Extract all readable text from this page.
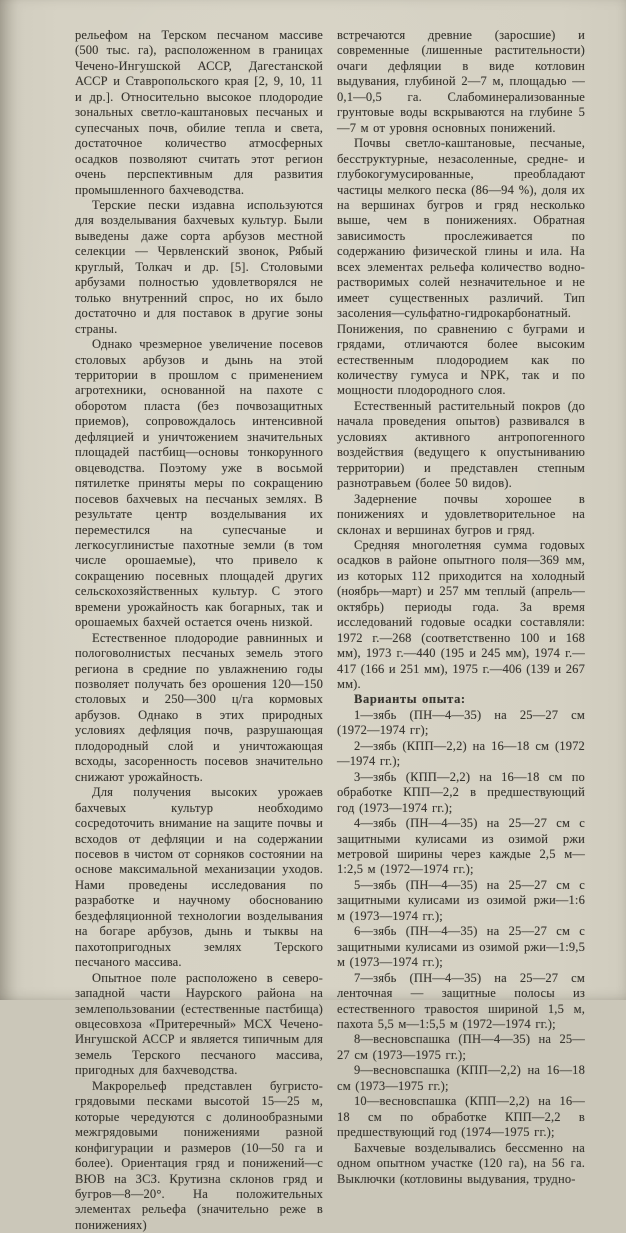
рельефом на Терском песчаном массиве (500 тыс. га), расположенном в границах Чечено-Ингушской АССР, Дагестанской АССР и Ставропольского края [2, 9, 10, 11 и др.]. Относительно высокое плодородие зональных светло-каштановых песчаных и супесчаных почв, обилие тепла и света, достаточное количество атмосферных осадков позволяют считать этот регион очень перспективным для развития промышленного бахчеводства.

Терские пески издавна используются для возделывания бахчевых культур. Были выведены даже сорта арбузов местной селекции — Червленский звонок, Рябый круглый, Толкач и др. [5]. Столовыми арбузами полностью удовлетворялся не только внутренний спрос, но их было достаточно и для поставок в другие зоны страны.

Однако чрезмерное увеличение посевов столовых арбузов и дынь на этой территории в прошлом с применением агротехники, основанной на пахоте с оборотом пласта (без почвозащитных приемов), сопровождалось интенсивной дефляцией и уничтожением значительных площадей пастбищ—основы тонкорунного овцеводства. Поэтому уже в восьмой пятилетке приняты меры по сокращению посевов бахчевых на песчаных землях. В результате центр возделывания их переместился на супесчаные и легкосуглинистые пахотные земли (в том числе орошаемые), что привело к сокращению посевных площадей других сельскохозяйственных культур. С этого времени урожайность как богарных, так и орошаемых бахчей остается очень низкой.

Естественное плодородие равнинных и пологоволнистых песчаных земель этого региона в средние по увлажнению годы позволяет получать без орошения 120—150 столовых и 250—300 ц/га кормовых арбузов. Однако в этих природных условиях дефляция почв, разрушающая плодородный слой и уничтожающая всходы, засоренность посевов значительно снижают урожайность.

Для получения высоких урожаев бахчевых культур необходимо сосредоточить внимание на защите почвы и всходов от дефляции и на содержании посевов в чистом от сорняков состоянии на основе максимальной механизации уходов. Нами проведены исследования по разработке и научному обоснованию бездефляционной технологии возделывания на богаре арбузов, дынь и тыквы на пахотопригодных землях Терского песчаного массива.

Опытное поле расположено в северо-западной части Наурского района на землепользовании (естественные пастбища) овцесовхоза «Притеречный» МСХ Чечено-Ингушской АССР и является типичным для земель Терского песчаного массива, пригодных для бахчеводства.

Макрорельеф представлен бугристо-грядовыми песками высотой 15—25 м, которые чередуются с долинообразными межгрядовыми понижениями разной конфигурации и размеров (10—50 га и более). Ориентация гряд и понижений—с ВЮВ на ЗСЗ. Крутизна склонов гряд и бугров—8—20°. На положительных элементах рельефа (значительно реже в понижениях)

встречаются древние (заросшие) и современные (лишенные растительности) очаги дефляции в виде котловин выдувания, глубиной 2—7 м, площадью — 0,1—0,5 га. Слабоминерализованные грунтовые воды вскрываются на глубине 5—7 м от уровня основных понижений.

Почвы светло-каштановые, песчаные, бесструктурные, незасоленные, средне- и глубокогумусированные, преобладают частицы мелкого песка (86—94 %), доля их на вершинах бугров и гряд несколько выше, чем в понижениях. Обратная зависимость прослеживается по содержанию физической глины и ила. На всех элементах рельефа количество водно-растворимых солей незначительное и не имеет существенных различий. Тип засоления—сульфатно-гидрокарбонатный. Понижения, по сравнению с буграми и грядами, отличаются более высоким естественным плодородием как по количеству гумуса и NPK, так и по мощности плодородного слоя.

Естественный растительный покров (до начала проведения опытов) развивался в условиях активного антропогенного воздействия (ведущего к опустыниванию территории) и представлен степным разнотравьем (более 50 видов).

Задернение почвы хорошее в понижениях и удовлетворительное на склонах и вершинах бугров и гряд.

Средняя многолетняя сумма годовых осадков в районе опытного поля—369 мм, из которых 112 приходится на холодный (ноябрь—март) и 257 мм теплый (апрель—октябрь) периоды года. За время исследований годовые осадки составляли: 1972 г.—268 (соответственно 100 и 168 мм), 1973 г.—440 (195 и 245 мм), 1974 г.—417 (166 и 251 мм), 1975 г.—406 (139 и 267 мм).

Варианты опыта:

1—зябь (ПН—4—35) на 25—27 см (1972—1974 гг);

2—зябь (КПП—2,2) на 16—18 см (1972—1974 гг.);

3—зябь (КПП—2,2) на 16—18 см по обработке КПП—2,2 в предшествующий год (1973—1974 гг.);

4—зябь (ПН—4—35) на 25—27 см с защитными кулисами из озимой ржи метровой ширины через каждые 2,5 м—1:2,5 м (1972—1974 гг.);

5—зябь (ПН—4—35) на 25—27 см с защитными кулисами из озимой ржи—1:6 м (1973—1974 гг.);

6—зябь (ПН—4—35) на 25—27 см с защитными кулисами из озимой ржи—1:9,5 м (1973—1974 гг.);

7—зябь (ПН—4—35) на 25—27 см ленточная — защитные полосы из естественного травостоя шириной 1,5 м, пахота 5,5 м—1:5,5 м (1972—1974 гг.);

8—весновспашка (ПН—4—35) на 25—27 см (1973—1975 гг.);

9—весновспашка (КПП—2,2) на 16—18 см (1973—1975 гг.);

10—весновспашка (КПП—2,2) на 16—18 см по обработке КПП—2,2 в предшествующий год (1974—1975 гг.);

Бахчевые возделывались бессменно на одном опытном участке (120 га), на 56 га. Выключки (котловины выдувания, трудно-
